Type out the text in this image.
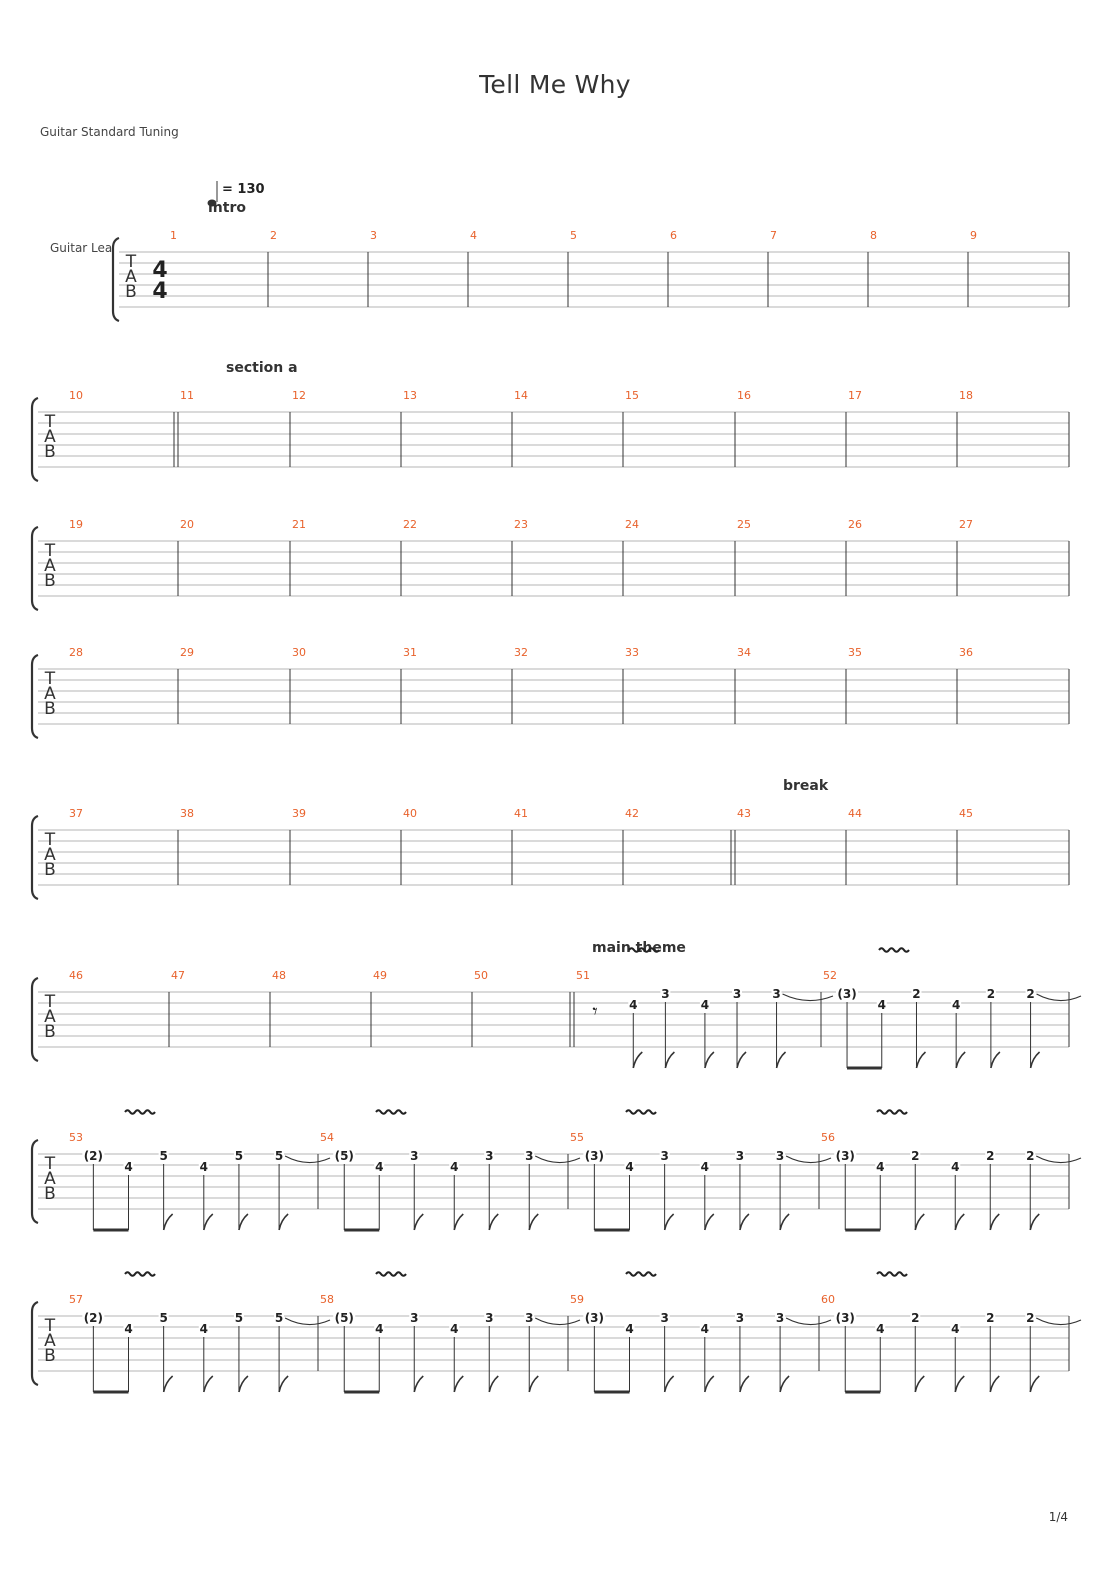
Tell Me Why
Guitar Standard Tuning
1/4
T
A
B
Guitar Lea
4
4
= 130
1
intro
2	3	4	5	6	7	8	9
T
A
B
10	11
section a
12	13	14	15	16	17	18
T
A
B
19	20	21	22	23	24	25	26	27
T
A
B
28	29	30	31	32	33	34	35	36
T
A
B
37	38	39	40	41	42	43
break
44	45
T
A
B
46	47	48	49	50	51
main theme
𝄾	4
3
4
3	3
52
(3)
4
2
4
2	2
T
A
B
53
(2)
4
5
4
5	5
54
(5)
4
3
4
3	3
55
(3)
4
3
4
3	3
56
(3)
4
2
4
2	2
T
A
B
57
(2)
4
5
4
5	5
58
(5)
4
3
4
3	3
59
(3)
4
3
4
3	3
60
(3)
4
2
4
2	2
